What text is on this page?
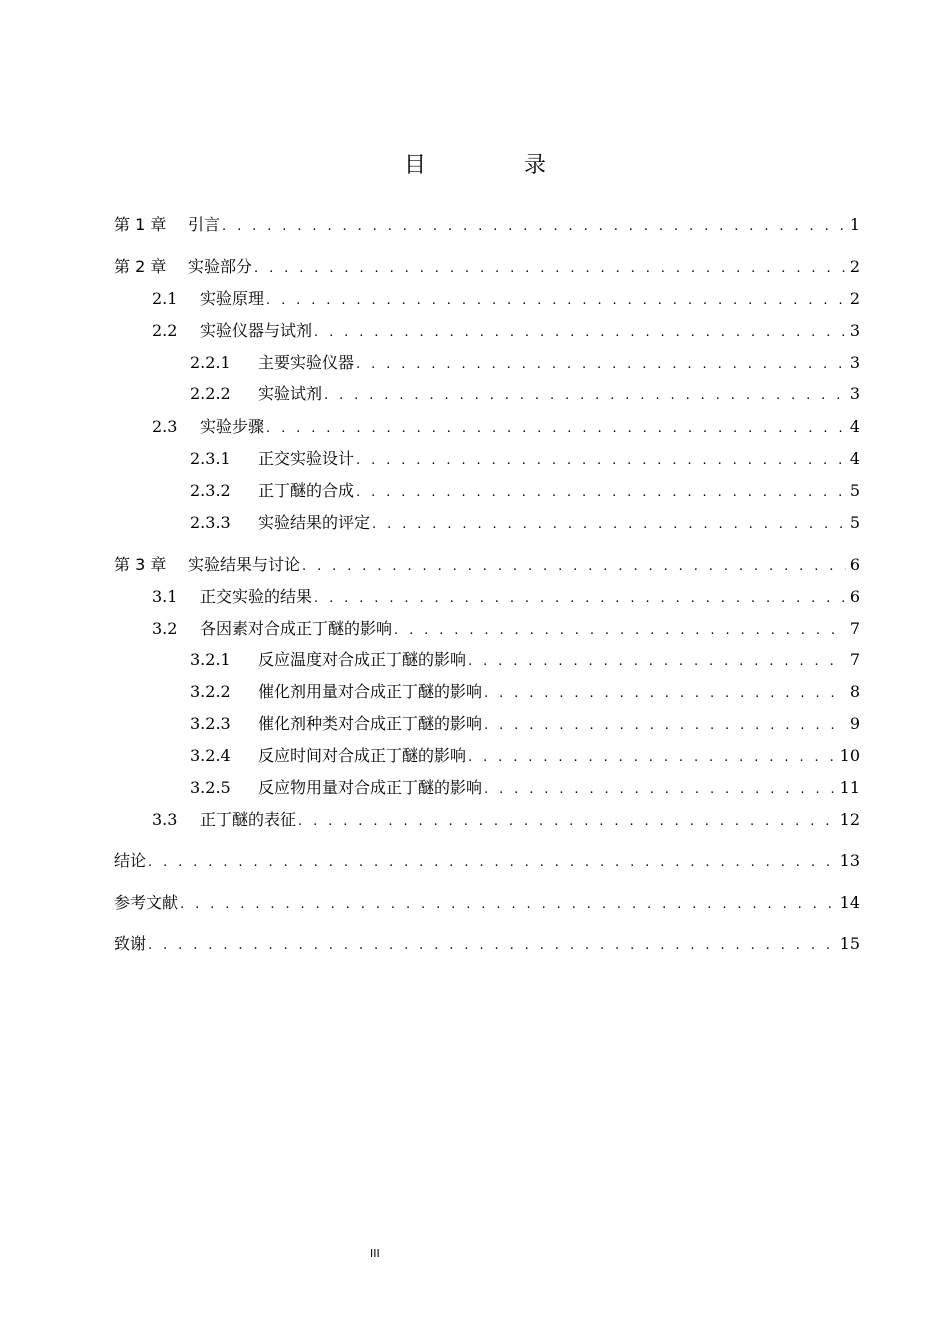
目　录
第 1 章	引言 . . .	1
第 2 章	实验部分 . . .	2
2.1	实验原理 . . .	2
2.2	实验仪器与试剂 . . .	3
2.2.1	主要实验仪器 . . .	3
2.2.2	实验试剂 . . .	3
2.3	实验步骤 . . .	4
2.3.1	正交实验设计 . . .	4
2.3.2	正丁醚的合成 . . .	5
2.3.3	实验结果的评定 . . .	5
第 3 章	实验结果与讨论 . . .	6
3.1	正交实验的结果 . . .	6
3.2	各因素对合成正丁醚的影响 . . .	7
3.2.1	反应温度对合成正丁醚的影响 . . .	7
3.2.2	催化剂用量对合成正丁醚的影响 . . .	8
3.2.3	催化剂种类对合成正丁醚的影响 . . .	9
3.2.4	反应时间对合成正丁醚的影响 . . .	10
3.2.5	反应物用量对合成正丁醚的影响 . . .	11
3.3	正丁醚的表征 . . .	12
结论 . . .	13
参考文献 . . .	14
致谢 . . .	15
III
